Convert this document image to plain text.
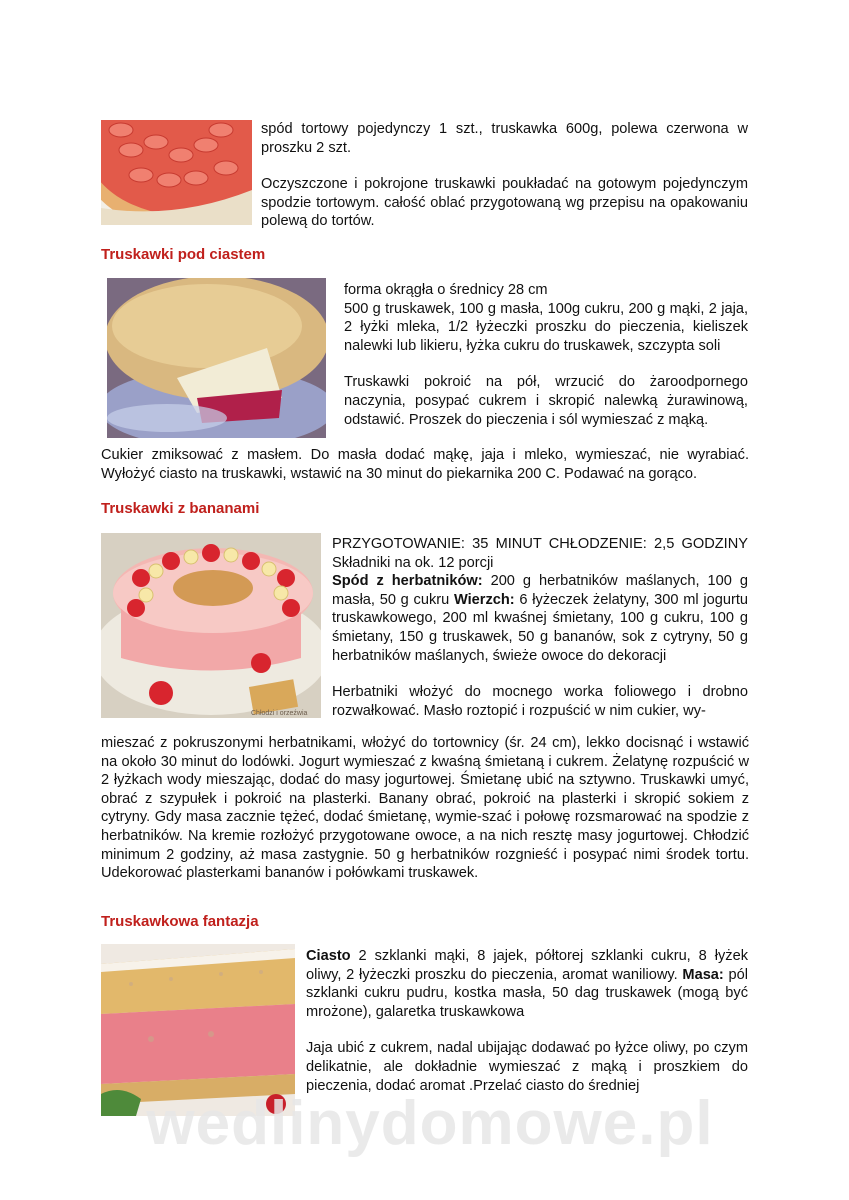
spód tortowy pojedynczy 1 szt., truskawka 600g, polewa czerwona w proszku 2 szt.

Oczyszczone i pokrojone truskawki poukładać na gotowym pojedynczym spodzie tortowym. całość oblać przygotowaną wg przepisu na opakowaniu polewą do tortów.

Truskawki pod ciastem

forma okrągła o średnicy 28 cm

500 g truskawek, 100 g masła, 100g cukru, 200 g mąki, 2 jaja, 2 łyżki mleka, 1/2 łyżeczki proszku do pieczenia, kieliszek nalewki lub likieru, łyżka cukru do truskawek, szczypta soli

Truskawki pokroić na pół, wrzucić do żaroodpornego naczynia, posypać cukrem i skropić nalewką żurawinową, odstawić. Proszek do pieczenia i sól wymieszać z mąką.

Cukier zmiksować z masłem. Do masła dodać mąkę, jaja i mleko, wymieszać, nie wyrabiać. Wyłożyć ciasto na truskawki, wstawić na 30 minut do piekarnika 200 C. Podawać na gorąco.

Truskawki z bananami
Chłodzi i orzeźwia

PRZYGOTOWANIE: 35 MINUT CHŁODZENIE: 2,5 GODZINY Składniki na ok. 12 porcji

Spód z herbatników: 200 g herbatników maślanych, 100 g masła, 50 g cukru Wierzch: 6 łyżeczek żelatyny, 300 ml jogurtu truskawkowego, 200 ml kwaśnej śmietany, 100 g cukru, 100 g śmietany, 150 g truskawek, 50 g bananów, sok z cytryny, 50 g herbatników maślanych, świeże owoce do dekoracji

Herbatniki włożyć do mocnego worka foliowego i drobno rozwałkować. Masło roztopić i rozpuścić w nim cukier, wy-

mieszać z pokruszonymi herbatnikami, włożyć do tortownicy (śr. 24 cm), lekko docisnąć i wstawić na około 30 minut do lodówki. Jogurt wymieszać z kwaśną śmietaną i cukrem. Żelatynę rozpuścić w 2 łyżkach wody mieszając, dodać do masy jogurtowej. Śmietanę ubić na sztywno. Truskawki umyć, obrać z szypułek i pokroić na plasterki. Banany obrać, pokroić na plasterki i skropić sokiem z cytryny. Gdy masa zacznie tężeć, dodać śmietanę, wymie-szać i połowę rozsmarować na spodzie z herbatników. Na kremie rozłożyć przygotowane owoce, a na nich resztę masy jogurtowej. Chłodzić minimum 2 godziny, aż masa zastygnie. 50 g herbatników rozgnieść i posypać nimi środek tortu. Udekorować plasterkami bananów i połówkami truskawek.

Truskawkowa fantazja

Ciasto 2 szklanki mąki, 8 jajek, półtorej szklanki cukru, 8 łyżek oliwy, 2 łyżeczki proszku do pieczenia, aromat waniliowy. Masa: pól szklanki cukru pudru, kostka masła, 50 dag truskawek (mogą być mrożone), galaretka truskawkowa

Jaja ubić z cukrem, nadal ubijając dodawać po łyżce oliwy, po czym delikatnie, ale dokładnie wymieszać z mąką i proszkiem do pieczenia, dodać aromat .Przelać ciasto do średniej

wedlinydomowe.pl
